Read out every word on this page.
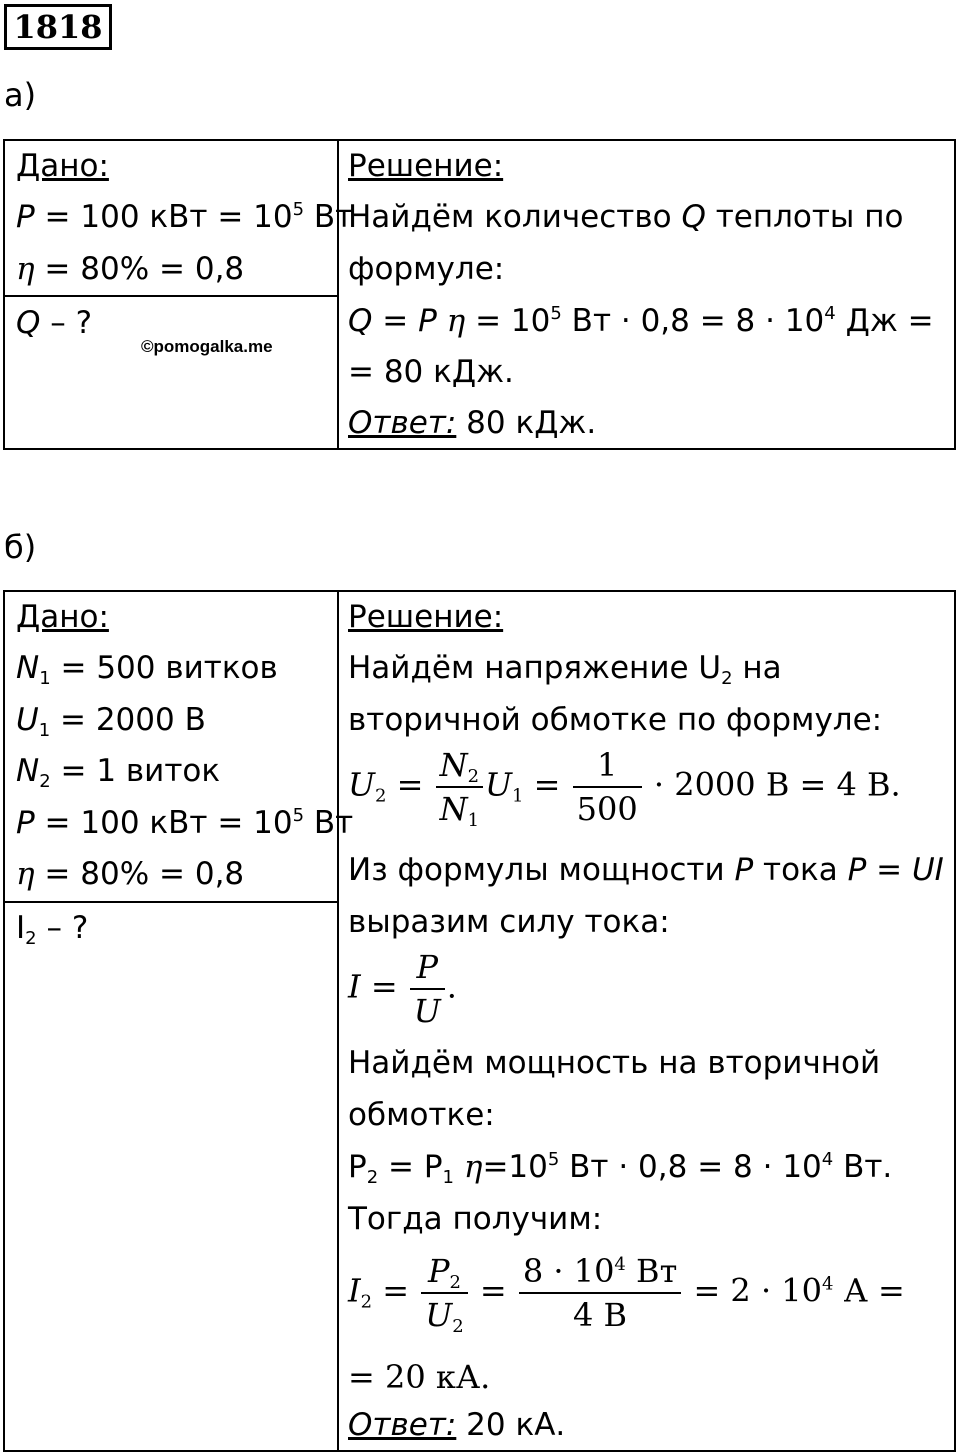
1818
а)
Дано:
P = 100 кВт = $10^5$ Вт
η = 80% = 0,8
Q – ?
©pomogalka.me
Решение:
Найдём количество Q теплоты по
формуле:
Q = P $\eta = 10^5$ Вт · $0,8 = 8 \cdot 10^4$ Дж =
= 80 кДж.
Ответ: 80 кДж.
б)
Дано:
$N_1 = 500$ витков
$U_1 = 2000$ В
$N_2 = 1$ виток
P = 100 кВт = $10^5$ Вт
η = 80% = 0,8
$I_2$ – ?
Решение:
Найдём напряжение $U_2$ на
вторичной обмотке по формуле:
$U_2 = \frac{N_2}{N_1} U_1 = \frac{1}{500} \cdot 2000$ В = 4 В.
Из формулы мощности P тока P = UI
выразим силу тока:
$I = \frac{P}{U}$ .
Найдём мощность на вторичной
обмотке:
$P_2 = P_1$ $\eta=10^5$ Вт · $0,8 = 8 \cdot 10^4$ Вт.
Тогда получим:
$I_2 = \frac{P_2}{U_2} = \frac{8 \cdot 10^4 Вт}{4 В} = 2 \cdot 10^4$ А =
= 20 кА.
Ответ: 20 кА.
